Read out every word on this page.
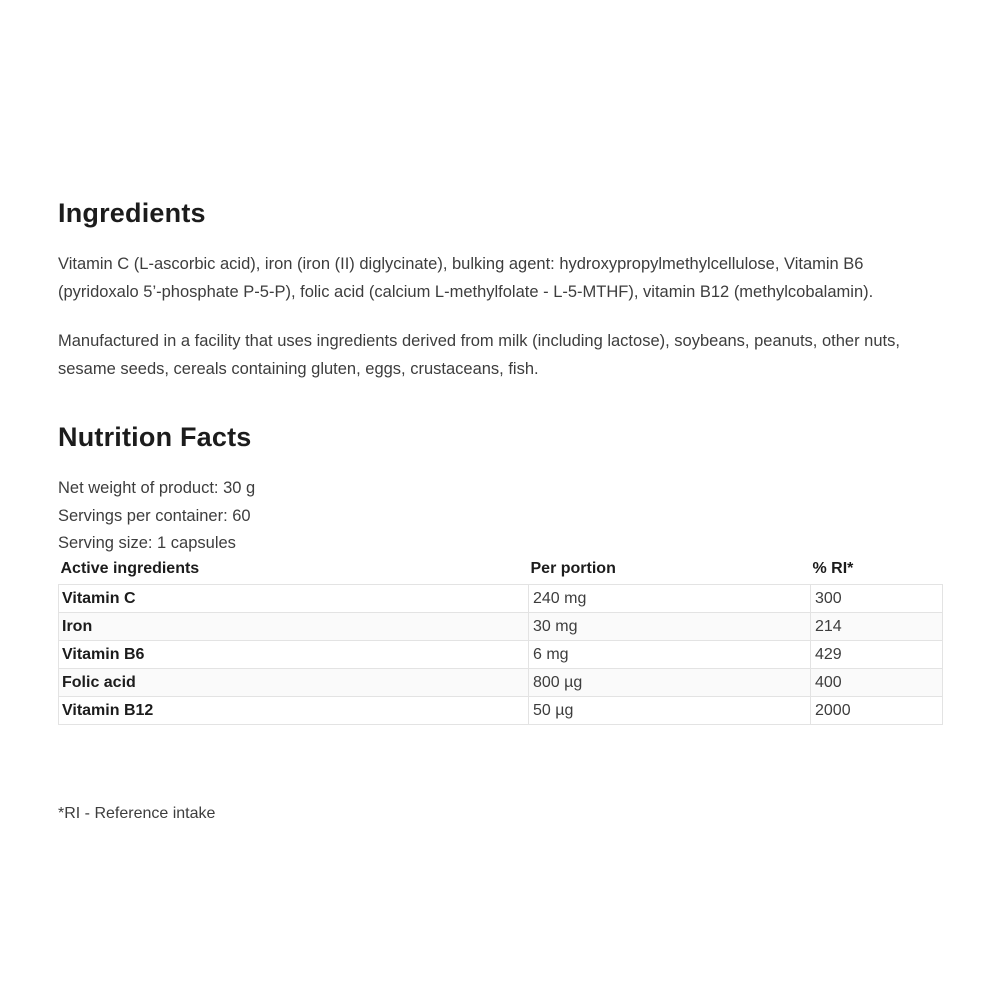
Ingredients

Vitamin C (L-ascorbic acid), iron (iron (II) diglycinate), bulking agent: hydroxypropylmethylcellulose, Vitamin B6 (pyridoxalo 5’-phosphate P-5-P), folic acid (calcium L-methylfolate - L-5-MTHF), vitamin B12 (methylcobalamin).

Manufactured in a facility that uses ingredients derived from milk (including lactose), soybeans, peanuts, other nuts, sesame seeds, cereals containing gluten, eggs, crustaceans, fish.

Nutrition Facts
Net weight of product: 30 g
Servings per container: 60
Serving size: 1 capsules
Active ingredients	Per portion	% RI*
Vitamin C	240 mg	300
Iron	30 mg	214
Vitamin B6	6 mg	429
Folic acid	800 µg	400
Vitamin B12	50 µg	2000
*RI - Reference intake
